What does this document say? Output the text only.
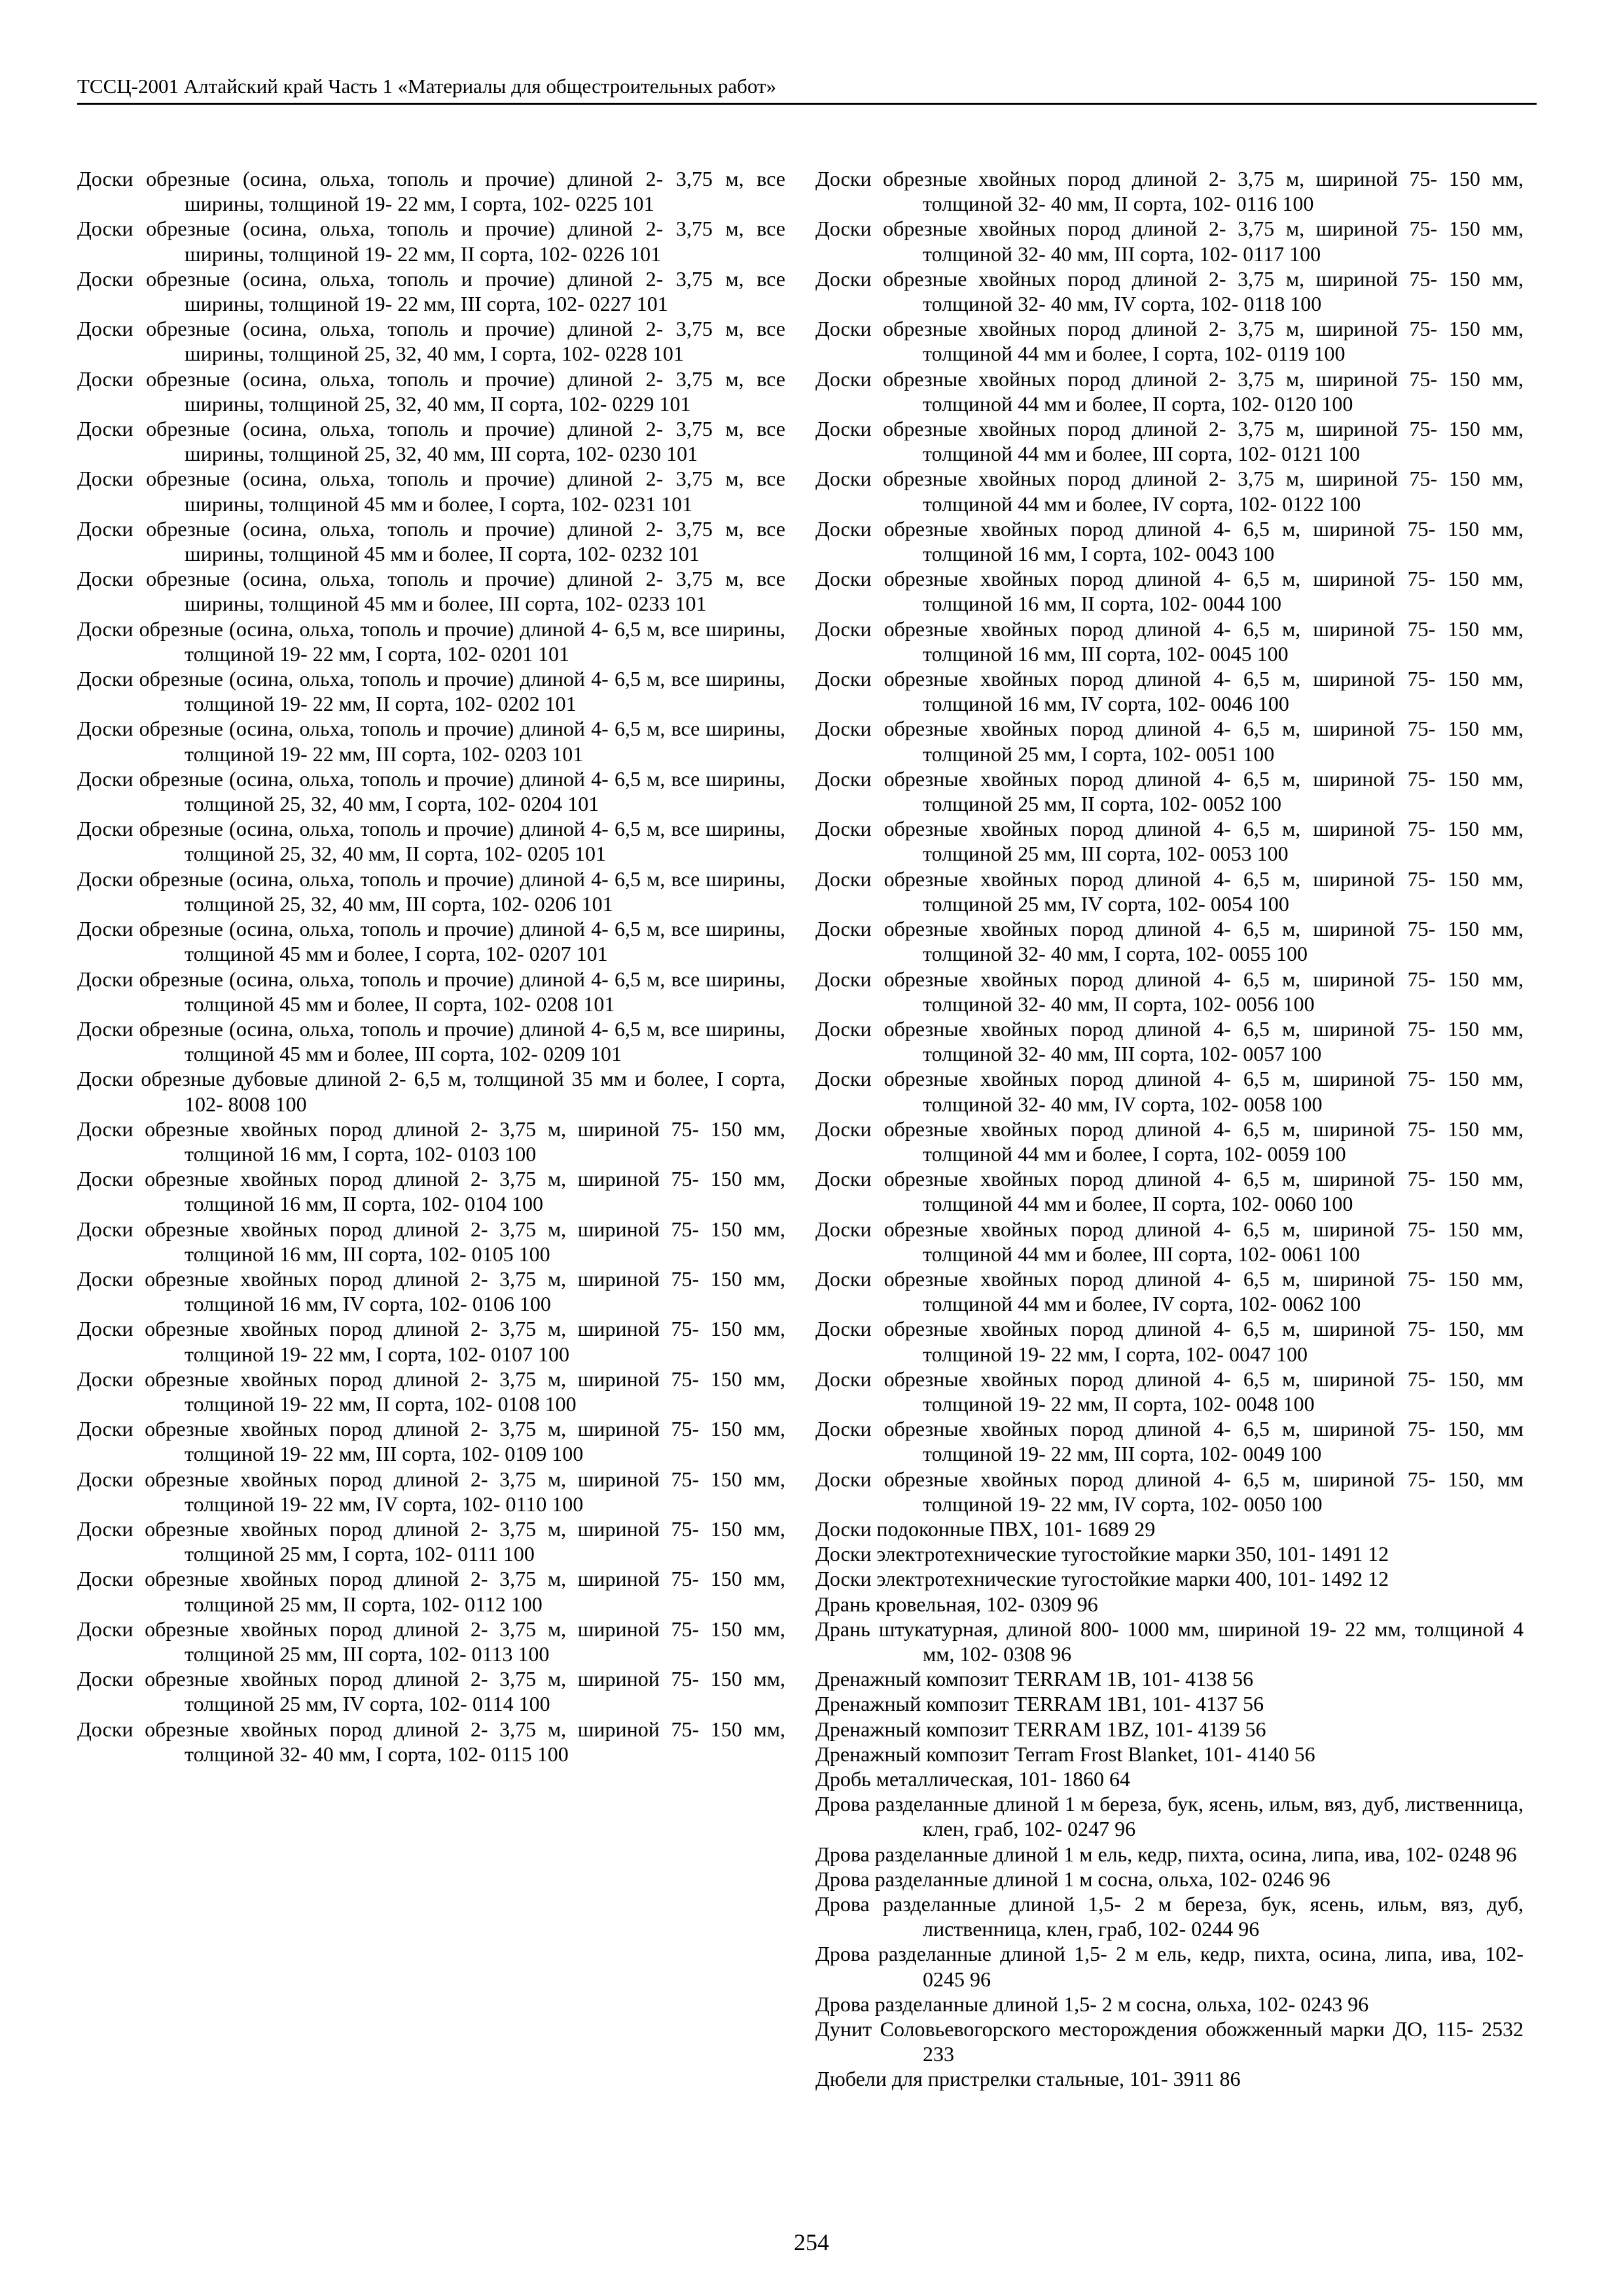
ТССЦ-2001 Алтайский край Часть 1 «Материалы для общестроительных работ»
Доски обрезные (осина, ольха, тополь и прочие) длиной 2- 3,75 м, все ширины, толщиной 19- 22 мм, I сорта, 102- 0225 101
Доски обрезные (осина, ольха, тополь и прочие) длиной 2- 3,75 м, все ширины, толщиной 19- 22 мм, II сорта, 102- 0226 101
Доски обрезные (осина, ольха, тополь и прочие) длиной 2- 3,75 м, все ширины, толщиной 19- 22 мм, III сорта, 102- 0227 101
Доски обрезные (осина, ольха, тополь и прочие) длиной 2- 3,75 м, все ширины, толщиной 25, 32, 40 мм, I сорта, 102- 0228 101
Доски обрезные (осина, ольха, тополь и прочие) длиной 2- 3,75 м, все ширины, толщиной 25, 32, 40 мм, II сорта, 102- 0229 101
Доски обрезные (осина, ольха, тополь и прочие) длиной 2- 3,75 м, все ширины, толщиной 25, 32, 40 мм, III сорта, 102- 0230 101
Доски обрезные (осина, ольха, тополь и прочие) длиной 2- 3,75 м, все ширины, толщиной 45 мм и более, I сорта, 102- 0231 101
Доски обрезные (осина, ольха, тополь и прочие) длиной 2- 3,75 м, все ширины, толщиной 45 мм и более, II сорта, 102- 0232 101
Доски обрезные (осина, ольха, тополь и прочие) длиной 2- 3,75 м, все ширины, толщиной 45 мм и более, III сорта, 102- 0233 101
Доски обрезные (осина, ольха, тополь и прочие) длиной 4- 6,5 м, все ширины, толщиной 19- 22 мм, I сорта, 102- 0201 101
Доски обрезные (осина, ольха, тополь и прочие) длиной 4- 6,5 м, все ширины, толщиной 19- 22 мм, II сорта, 102- 0202 101
Доски обрезные (осина, ольха, тополь и прочие) длиной 4- 6,5 м, все ширины, толщиной 19- 22 мм, III сорта, 102- 0203 101
Доски обрезные (осина, ольха, тополь и прочие) длиной 4- 6,5 м, все ширины, толщиной 25, 32, 40 мм, I сорта, 102- 0204 101
Доски обрезные (осина, ольха, тополь и прочие) длиной 4- 6,5 м, все ширины, толщиной 25, 32, 40 мм, II сорта, 102- 0205 101
Доски обрезные (осина, ольха, тополь и прочие) длиной 4- 6,5 м, все ширины, толщиной 25, 32, 40 мм, III сорта, 102- 0206 101
Доски обрезные (осина, ольха, тополь и прочие) длиной 4- 6,5 м, все ширины, толщиной 45 мм и более, I сорта, 102- 0207 101
Доски обрезные (осина, ольха, тополь и прочие) длиной 4- 6,5 м, все ширины, толщиной 45 мм и более, II сорта, 102- 0208 101
Доски обрезные (осина, ольха, тополь и прочие) длиной 4- 6,5 м, все ширины, толщиной 45 мм и более, III сорта, 102- 0209 101
Доски обрезные дубовые длиной 2- 6,5 м, толщиной 35 мм и более, I сорта, 102- 8008 100
Доски обрезные хвойных пород длиной 2- 3,75 м, шириной 75- 150 мм, толщиной 16 мм, I сорта, 102- 0103 100
Доски обрезные хвойных пород длиной 2- 3,75 м, шириной 75- 150 мм, толщиной 16 мм, II сорта, 102- 0104 100
Доски обрезные хвойных пород длиной 2- 3,75 м, шириной 75- 150 мм, толщиной 16 мм, III сорта, 102- 0105 100
Доски обрезные хвойных пород длиной 2- 3,75 м, шириной 75- 150 мм, толщиной 16 мм, IV сорта, 102- 0106 100
Доски обрезные хвойных пород длиной 2- 3,75 м, шириной 75- 150 мм, толщиной 19- 22 мм, I сорта, 102- 0107 100
Доски обрезные хвойных пород длиной 2- 3,75 м, шириной 75- 150 мм, толщиной 19- 22 мм, II сорта, 102- 0108 100
Доски обрезные хвойных пород длиной 2- 3,75 м, шириной 75- 150 мм, толщиной 19- 22 мм, III сорта, 102- 0109 100
Доски обрезные хвойных пород длиной 2- 3,75 м, шириной 75- 150 мм, толщиной 19- 22 мм, IV сорта, 102- 0110 100
Доски обрезные хвойных пород длиной 2- 3,75 м, шириной 75- 150 мм, толщиной 25 мм, I сорта, 102- 0111 100
Доски обрезные хвойных пород длиной 2- 3,75 м, шириной 75- 150 мм, толщиной 25 мм, II сорта, 102- 0112 100
Доски обрезные хвойных пород длиной 2- 3,75 м, шириной 75- 150 мм, толщиной 25 мм, III сорта, 102- 0113 100
Доски обрезные хвойных пород длиной 2- 3,75 м, шириной 75- 150 мм, толщиной 25 мм, IV сорта, 102- 0114 100
Доски обрезные хвойных пород длиной 2- 3,75 м, шириной 75- 150 мм, толщиной 32- 40 мм, I сорта, 102- 0115 100
Доски обрезные хвойных пород длиной 2- 3,75 м, шириной 75- 150 мм, толщиной 32- 40 мм, II сорта, 102- 0116 100
Доски обрезные хвойных пород длиной 2- 3,75 м, шириной 75- 150 мм, толщиной 32- 40 мм, III сорта, 102- 0117 100
Доски обрезные хвойных пород длиной 2- 3,75 м, шириной 75- 150 мм, толщиной 32- 40 мм, IV сорта, 102- 0118 100
Доски обрезные хвойных пород длиной 2- 3,75 м, шириной 75- 150 мм, толщиной 44 мм и более, I сорта, 102- 0119 100
Доски обрезные хвойных пород длиной 2- 3,75 м, шириной 75- 150 мм, толщиной 44 мм и более, II сорта, 102- 0120 100
Доски обрезные хвойных пород длиной 2- 3,75 м, шириной 75- 150 мм, толщиной 44 мм и более, III сорта, 102- 0121 100
Доски обрезные хвойных пород длиной 2- 3,75 м, шириной 75- 150 мм, толщиной 44 мм и более, IV сорта, 102- 0122 100
Доски обрезные хвойных пород длиной 4- 6,5 м, шириной 75- 150 мм, толщиной 16 мм, I сорта, 102- 0043 100
Доски обрезные хвойных пород длиной 4- 6,5 м, шириной 75- 150 мм, толщиной 16 мм, II сорта, 102- 0044 100
Доски обрезные хвойных пород длиной 4- 6,5 м, шириной 75- 150 мм, толщиной 16 мм, III сорта, 102- 0045 100
Доски обрезные хвойных пород длиной 4- 6,5 м, шириной 75- 150 мм, толщиной 16 мм, IV сорта, 102- 0046 100
Доски обрезные хвойных пород длиной 4- 6,5 м, шириной 75- 150 мм, толщиной 25 мм, I сорта, 102- 0051 100
Доски обрезные хвойных пород длиной 4- 6,5 м, шириной 75- 150 мм, толщиной 25 мм, II сорта, 102- 0052 100
Доски обрезные хвойных пород длиной 4- 6,5 м, шириной 75- 150 мм, толщиной 25 мм, III сорта, 102- 0053 100
Доски обрезные хвойных пород длиной 4- 6,5 м, шириной 75- 150 мм, толщиной 25 мм, IV сорта, 102- 0054 100
Доски обрезные хвойных пород длиной 4- 6,5 м, шириной 75- 150 мм, толщиной 32- 40 мм, I сорта, 102- 0055 100
Доски обрезные хвойных пород длиной 4- 6,5 м, шириной 75- 150 мм, толщиной 32- 40 мм, II сорта, 102- 0056 100
Доски обрезные хвойных пород длиной 4- 6,5 м, шириной 75- 150 мм, толщиной 32- 40 мм, III сорта, 102- 0057 100
Доски обрезные хвойных пород длиной 4- 6,5 м, шириной 75- 150 мм, толщиной 32- 40 мм, IV сорта, 102- 0058 100
Доски обрезные хвойных пород длиной 4- 6,5 м, шириной 75- 150 мм, толщиной 44 мм и более, I сорта, 102- 0059 100
Доски обрезные хвойных пород длиной 4- 6,5 м, шириной 75- 150 мм, толщиной 44 мм и более, II сорта, 102- 0060 100
Доски обрезные хвойных пород длиной 4- 6,5 м, шириной 75- 150 мм, толщиной 44 мм и более, III сорта, 102- 0061 100
Доски обрезные хвойных пород длиной 4- 6,5 м, шириной 75- 150 мм, толщиной 44 мм и более, IV сорта, 102- 0062 100
Доски обрезные хвойных пород длиной 4- 6,5 м, шириной 75- 150, мм толщиной 19- 22 мм, I сорта, 102- 0047 100
Доски обрезные хвойных пород длиной 4- 6,5 м, шириной 75- 150, мм толщиной 19- 22 мм, II сорта, 102- 0048 100
Доски обрезные хвойных пород длиной 4- 6,5 м, шириной 75- 150, мм толщиной 19- 22 мм, III сорта, 102- 0049 100
Доски обрезные хвойных пород длиной 4- 6,5 м, шириной 75- 150, мм толщиной 19- 22 мм, IV сорта, 102- 0050 100
Доски подоконные ПВХ, 101- 1689 29
Доски электротехнические тугостойкие марки 350, 101- 1491 12
Доски электротехнические тугостойкие марки 400, 101- 1492 12
Дрань кровельная, 102- 0309 96
Дрань штукатурная, длиной 800- 1000 мм, шириной 19- 22 мм, толщиной 4 мм, 102- 0308 96
Дренажный композит TERRAM 1B, 101- 4138 56
Дренажный композит TERRAM 1B1, 101- 4137 56
Дренажный композит TERRAM 1BZ, 101- 4139 56
Дренажный композит Terram Frost Blanket, 101- 4140 56
Дробь металлическая, 101- 1860 64
Дрова разделанные длиной 1 м береза, бук, ясень, ильм, вяз, дуб, лиственница, клен, граб, 102- 0247 96
Дрова разделанные длиной 1 м ель, кедр, пихта, осина, липа, ива, 102- 0248 96
Дрова разделанные длиной 1 м сосна, ольха, 102- 0246 96
Дрова разделанные длиной 1,5- 2 м береза, бук, ясень, ильм, вяз, дуб, лиственница, клен, граб, 102- 0244 96
Дрова разделанные длиной 1,5- 2 м ель, кедр, пихта, осина, липа, ива, 102- 0245 96
Дрова разделанные длиной 1,5- 2 м сосна, ольха, 102- 0243 96
Дунит Соловьевогорского месторождения обожженный марки ДО, 115- 2532 233
Дюбели для пристрелки стальные, 101- 3911 86
254
